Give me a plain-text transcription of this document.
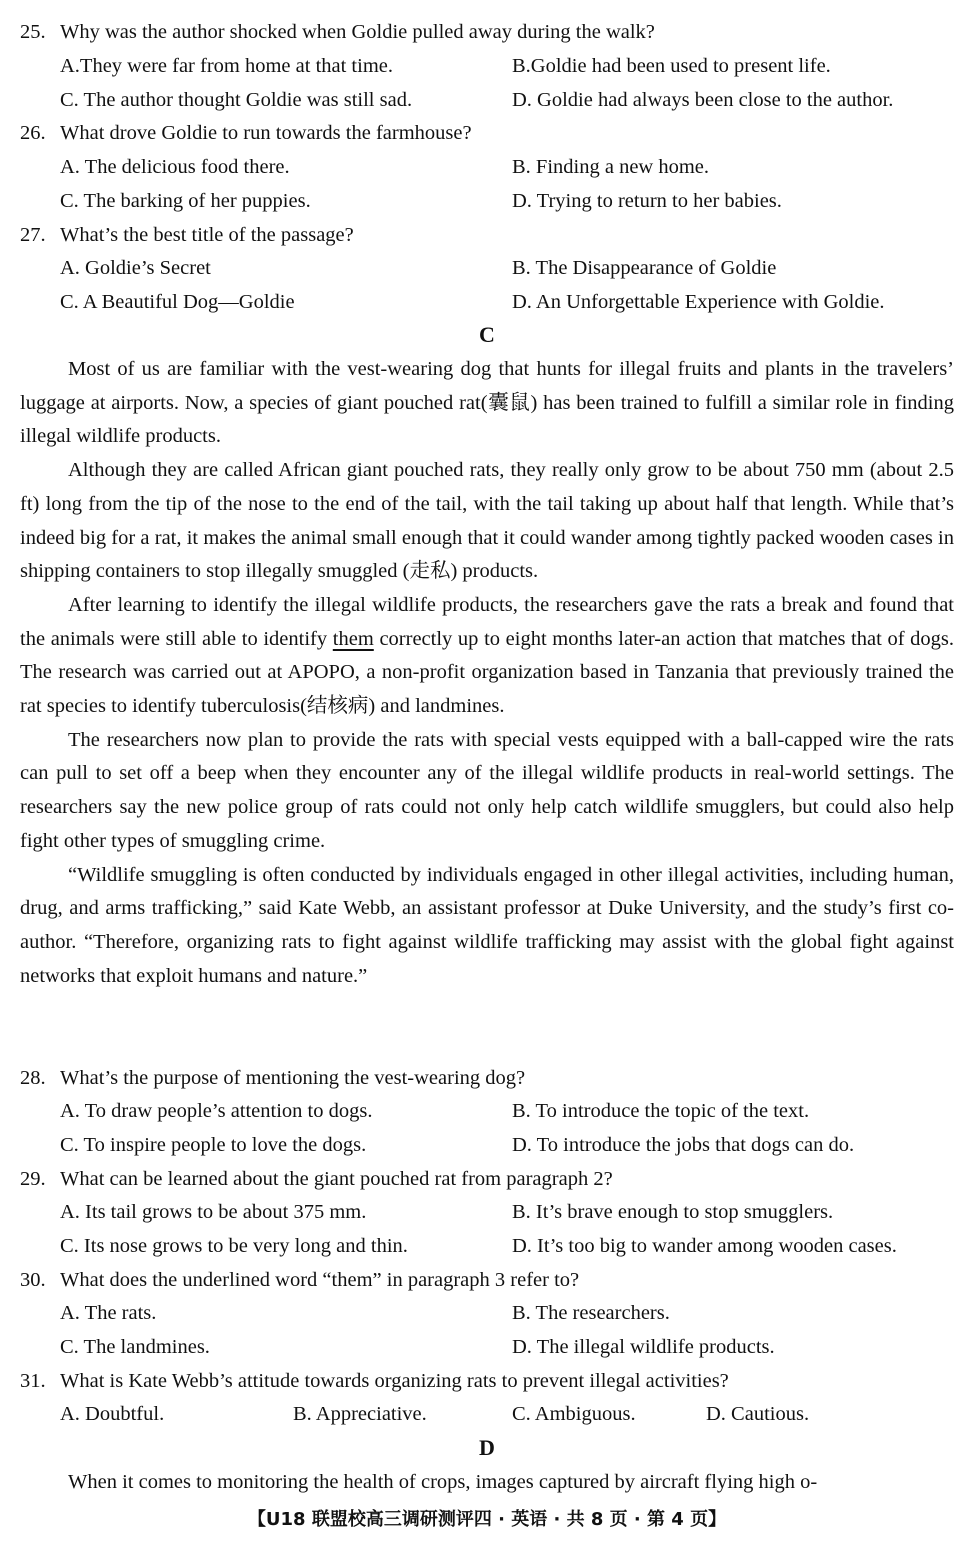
25. Why was the author shocked when Goldie pulled away during the walk?
A.They were far from home at that time.	B.Goldie had been used to present life.
C. The author thought Goldie was still sad.	D. Goldie had always been close to the author.
26. What drove Goldie to run towards the farmhouse?
A. The delicious food there.	B. Finding a new home.
C. The barking of her puppies.	D. Trying to return to her babies.
27. What’s the best title of the passage?
A. Goldie’s Secret	B. The Disappearance of Goldie
C. A Beautiful Dog—Goldie	D. An Unforgettable Experience with Goldie.
C

Most of us are familiar with the vest-wearing dog that hunts for illegal fruits and plants in the travelers’ luggage at airports. Now, a species of giant pouched rat(囊鼠) has been trained to fulfill a similar role in finding illegal wildlife products.

Although they are called African giant pouched rats, they really only grow to be about 750 mm (about 2.5 ft) long from the tip of the nose to the end of the tail, with the tail taking up about half that length. While that’s indeed big for a rat, it makes the animal small enough that it could wander among tightly packed wooden cases in shipping containers to stop illegally smuggled (走私) products.

After learning to identify the illegal wildlife products, the researchers gave the rats a break and found that the animals were still able to identify them correctly up to eight months later-an action that matches that of dogs. The research was carried out at APOPO, a non-profit organization based in Tanzania that previously trained the rat species to identify tuberculosis(结核病) and landmines.

The researchers now plan to provide the rats with special vests equipped with a ball-capped wire the rats can pull to set off a beep when they encounter any of the illegal wildlife products in real-world settings. The researchers say the new police group of rats could not only help catch wildlife smugglers, but could also help fight other types of smuggling crime.

“Wildlife smuggling is often conducted by individuals engaged in other illegal activities, including human, drug, and arms trafficking,” said Kate Webb, an assistant professor at Duke University, and the study’s first co-author. “Therefore, organizing rats to fight against wildlife trafficking may assist with the global fight against networks that exploit humans and nature.”

28. What’s the purpose of mentioning the vest-wearing dog?
A. To draw people’s attention to dogs.	B. To introduce the topic of the text.
C. To inspire people to love the dogs.	D. To introduce the jobs that dogs can do.
29. What can be learned about the giant pouched rat from paragraph 2?
A. Its tail grows to be about 375 mm.	B. It’s brave enough to stop smugglers.
C. Its nose grows to be very long and thin.	D. It’s too big to wander among wooden cases.
30. What does the underlined word “them” in paragraph 3 refer to?
A. The rats.	B. The researchers.
C. The landmines.	D. The illegal wildlife products.
31. What is Kate Webb’s attitude towards organizing rats to prevent illegal activities?
A. Doubtful.	B. Appreciative.	C. Ambiguous.	D. Cautious.
D

When it comes to monitoring the health of crops, images captured by aircraft flying high o-

【U18 联盟校高三调研测评四 · 英语 · 共 8 页 · 第 4 页】
